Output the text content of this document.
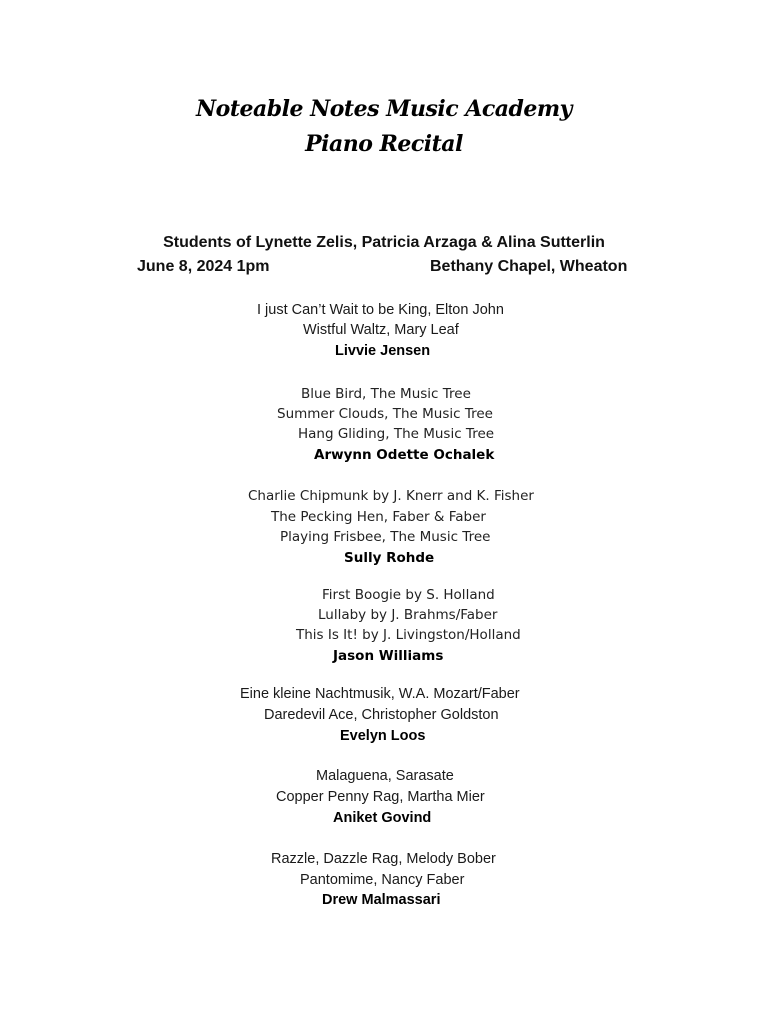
Noteable Notes Music Academy
Piano Recital
Students of Lynette Zelis, Patricia Arzaga & Alina Sutterlin
June 8, 2024 1pm	Bethany Chapel, Wheaton
I just Can’t Wait to be King, Elton John
Wistful Waltz, Mary Leaf
Livvie Jensen
Blue Bird, The Music Tree
Summer Clouds, The Music Tree
Hang Gliding, The Music Tree
Arwynn Odette Ochalek
Charlie Chipmunk by J. Knerr and K. Fisher
The Pecking Hen, Faber & Faber
Playing Frisbee, The Music Tree
Sully Rohde
First Boogie by S. Holland
Lullaby by J. Brahms/Faber
This Is It! by J. Livingston/Holland
Jason Williams
Eine kleine Nachtmusik, W.A. Mozart/Faber
Daredevil Ace, Christopher Goldston
Evelyn Loos
Malaguena, Sarasate
Copper Penny Rag, Martha Mier
Aniket Govind
Razzle, Dazzle Rag, Melody Bober
Pantomime, Nancy Faber
Drew Malmassari
